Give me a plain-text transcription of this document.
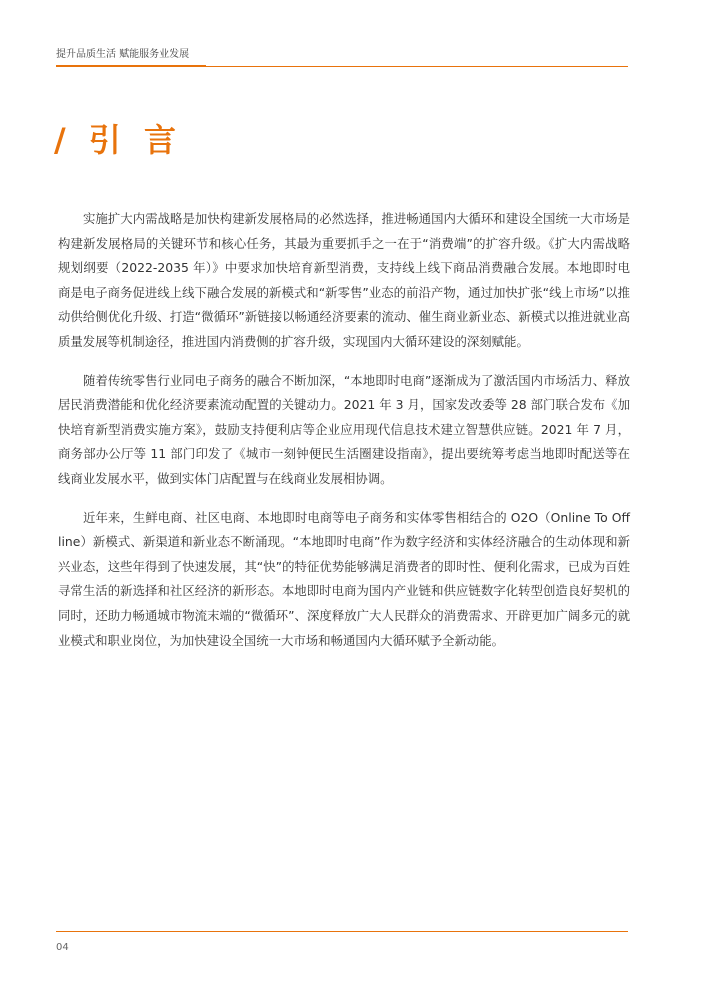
提升品质生活 赋能服务业发展
/ 引 言

实施扩大内需战略是加快构建新发展格局的必然选择，推进畅通国内大循环和建设全国统一大市场是构建新发展格局的关键环节和核心任务，其最为重要抓手之一在于“消费端”的扩容升级。《扩大内需战略规划纲要（2022-2035 年）》中要求加快培育新型消费，支持线上线下商品消费融合发展。本地即时电商是电子商务促进线上线下融合发展的新模式和“新零售”业态的前沿产物，通过加快扩张“线上市场”以推动供给侧优化升级、打造“微循环”新链接以畅通经济要素的流动、催生商业新业态、新模式以推进就业高质量发展等机制途径，推进国内消费侧的扩容升级，实现国内大循环建设的深刻赋能。

随着传统零售行业同电子商务的融合不断加深，“本地即时电商”逐渐成为了激活国内市场活力、释放居民消费潜能和优化经济要素流动配置的关键动力。2021 年 3 月，国家发改委等 28 部门联合发布《加快培育新型消费实施方案》，鼓励支持便利店等企业应用现代信息技术建立智慧供应链。2021 年 7 月，商务部办公厅等 11 部门印发了《城市一刻钟便民生活圈建设指南》，提出要统筹考虑当地即时配送等在线商业发展水平，做到实体门店配置与在线商业发展相协调。

近年来，生鲜电商、社区电商、本地即时电商等电子商务和实体零售相结合的 O2O（Online To Offline）新模式、新渠道和新业态不断涌现。“本地即时电商”作为数字经济和实体经济融合的生动体现和新兴业态，这些年得到了快速发展，其“快”的特征优势能够满足消费者的即时性、便利化需求，已成为百姓寻常生活的新选择和社区经济的新形态。本地即时电商为国内产业链和供应链数字化转型创造良好契机的同时，还助力畅通城市物流末端的“微循环”、深度释放广大人民群众的消费需求、开辟更加广阔多元的就业模式和职业岗位，为加快建设全国统一大市场和畅通国内大循环赋予全新动能。

04
